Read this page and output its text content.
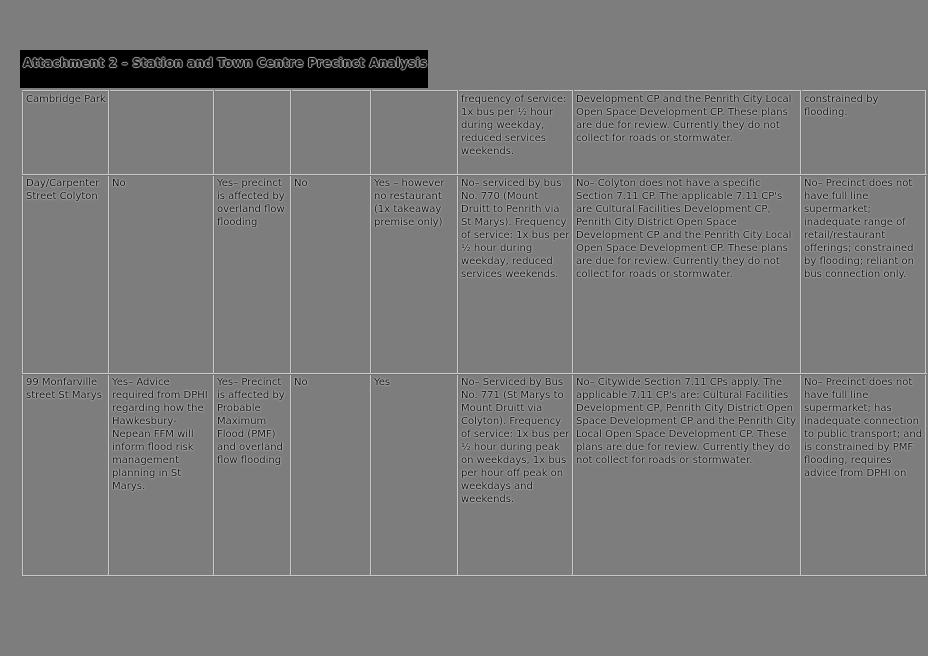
Attachment 2 – Station and Town Centre Precinct Analysis
Cambridge Park					frequency of service: 1x bus per ½ hour during weekday, reduced services weekends.	Development CP and the Penrith City Local Open Space Development CP. These plans are due for review. Currently they do not collect for roads or stormwater.	constrained by flooding.
Day/Carpenter Street Colyton	No	Yes– precinct is affected by overland flow flooding	No	Yes – however no restaurant (1x takeaway premise only)	No– serviced by bus No. 770 (Mount Druitt to Penrith via St Marys). Frequency of service: 1x bus per ½ hour during weekday, reduced services weekends.	No– Colyton does not have a specific Section 7.11 CP. The applicable 7.11 CP's are Cultural Facilities Development CP, Penrith City District Open Space Development CP and the Penrith City Local Open Space Development CP. These plans are due for review. Currently they do not collect for roads or stormwater.	No– Precinct does not have full line supermarket; inadequate range of retail/restaurant offerings; constrained by flooding; reliant on bus connection only.
99 Monfarville street St Marys	Yes– Advice required from DPHI regarding how the Hawkesbury-Nepean FFM will inform flood risk management planning in St Marys.	Yes– Precinct is affected by Probable Maximum Flood (PMF) and overland flow flooding	No	Yes	No– Serviced by Bus No. 771 (St Marys to Mount Druitt via Colyton). Frequency of service: 1x bus per ½ hour during peak on weekdays, 1x bus per hour off peak on weekdays and weekends.	No– Citywide Section 7.11 CPs apply. The applicable 7.11 CP's are: Cultural Facilities Development CP, Penrith City District Open Space Development CP and the Penrith City Local Open Space Development CP. These plans are due for review. Currently they do not collect for roads or stormwater.	No– Precinct does not have full line supermarket; has inadequate connection to public transport; and is constrained by PMF flooding, requires advice from DPHI on
